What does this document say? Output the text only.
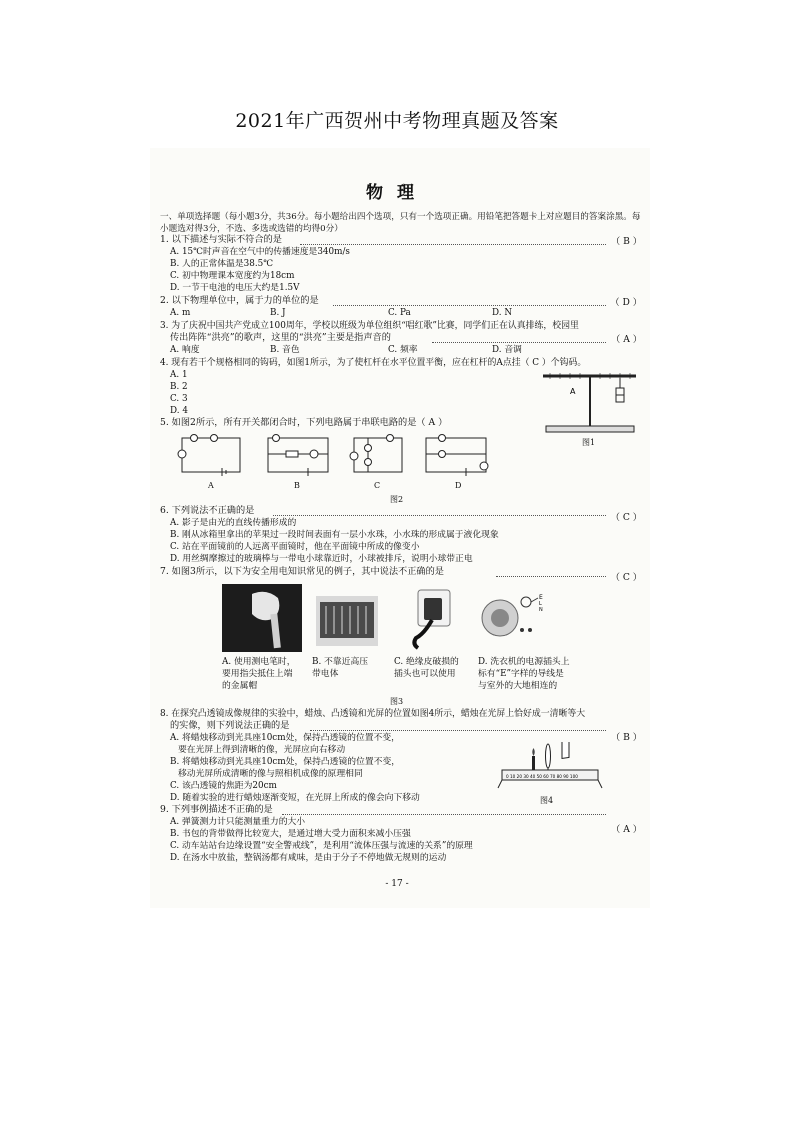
2021年广西贺州中考物理真题及答案
物理
一、单项选择题（每小题3分，共36分。每小题给出四个选项，只有一个选项正确。用铅笔把答题卡上对应题目的答案涂黑。每小题选对得3分，不选、多选或选错的均得0分）
1. 以下描述与实际不符合的是	（ B ）
A. 15℃时声音在空气中的传播速度是340m/s
B. 人的正常体温是38.5℃
C. 初中物理课本宽度约为18cm
D. 一节干电池的电压大约是1.5V
2. 以下物理单位中，属于力的单位的是	（ D ）
A. m	B. J	C. Pa	D. N
3. 为了庆祝中国共产党成立100周年，学校以班级为单位组织“唱红歌”比赛，同学们正在认真排练，校园里
传出阵阵“洪亮”的歌声，这里的“洪亮”主要是指声音的	（ A ）
A. 响度	B. 音色	C. 频率	D. 音调
4. 现有若干个规格相同的钩码，如图1所示，为了使杠杆在水平位置平衡，应在杠杆的A点挂（ C ）个钩码。
A. 1
B. 2
C. 3
D. 4
A
图1
5. 如图2所示，所有开关都闭合时，下列电路属于串联电路的是（ A ）
A	B	C	D
图2
6. 下列说法不正确的是
（ C ）
A. 影子是由光的直线传播形成的
B. 刚从冰箱里拿出的苹果过一段时间表面有一层小水珠，小水珠的形成属于液化现象
C. 站在平面镜前的人远离平面镜时，他在平面镜中所成的像变小
D. 用丝绸摩擦过的玻璃棒与一带电小球靠近时，小球被排斥，说明小球带正电
7. 如图3所示，以下为安全用电知识常见的例子，其中说法不正确的是
（ C ）
E
L
N
A. 使用测电笔时，
要用指尖抵住上端
的金属帽
B. 不靠近高压
带电体
C. 绝缘皮破损的
插头也可以使用
D. 洗衣机的电源插头上
标有“E”字样的导线是
与室外的大地相连的
图3
8. 在探究凸透镜成像规律的实验中，蜡烛、凸透镜和光屏的位置如图4所示，蜡烛在光屏上恰好成一清晰等大
的实像，则下列说法正确的是
（ B ）
A. 将蜡烛移动到光具座10cm处，保持凸透镜的位置不变，
要在光屏上得到清晰的像，光屏应向右移动
B. 将蜡烛移动到光具座10cm处，保持凸透镜的位置不变，
移动光屏所成清晰的像与照相机成像的原理相同
C. 该凸透镜的焦距为20cm
D. 随着实验的进行蜡烛逐渐变短，在光屏上所成的像会向下移动
0 10 20 30 40 50 60 70 80 90 100
图4
9. 下列事例描述不正确的是
（ A ）
A. 弹簧测力计只能测量重力的大小
B. 书包的背带做得比较宽大，是通过增大受力面积来减小压强
C. 动车站站台边缘设置“安全警戒线”，是利用“流体压强与流速的关系”的原理
D. 在汤水中放盐，整锅汤都有咸味，是由于分子不停地做无规则的运动
- 17 -
